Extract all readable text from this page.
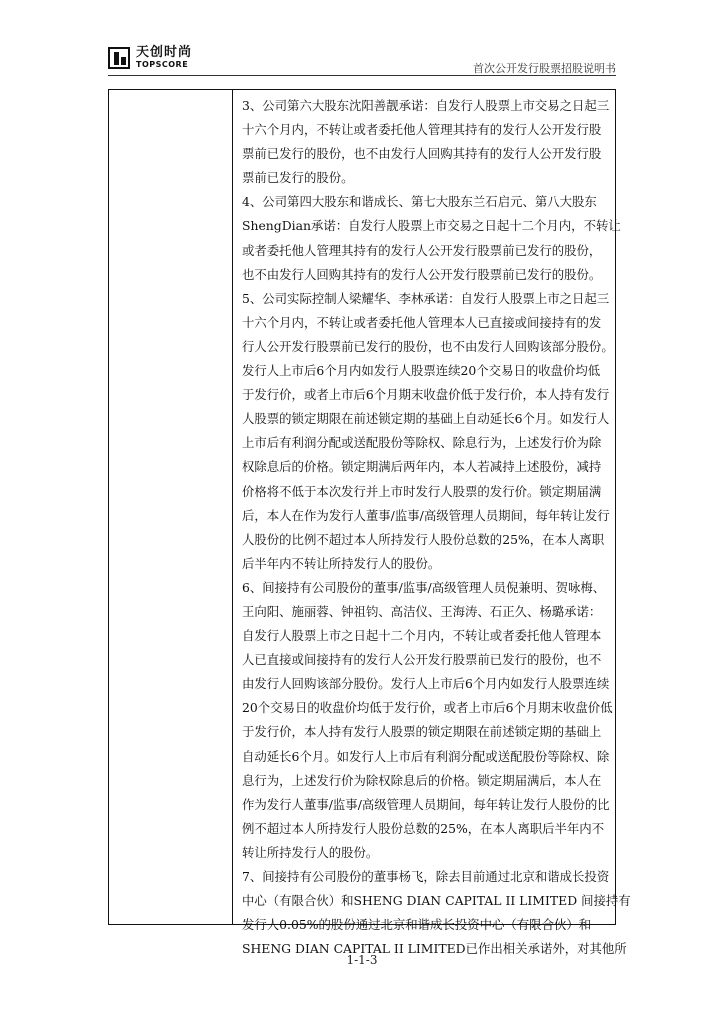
天创时尚
TOPSCORE	首次公开发行股票招股说明书
3、公司第六大股东沈阳善靓承诺：自发行人股票上市交易之日起三
十六个月内，不转让或者委托他人管理其持有的发行人公开发行股
票前已发行的股份，也不由发行人回购其持有的发行人公开发行股
票前已发行的股份。
4、公司第四大股东和谐成长、第七大股东兰石启元、第八大股东
ShengDian承诺：自发行人股票上市交易之日起十二个月内，不转让
或者委托他人管理其持有的发行人公开发行股票前已发行的股份，
也不由发行人回购其持有的发行人公开发行股票前已发行的股份。
5、公司实际控制人梁耀华、李林承诺：自发行人股票上市之日起三
十六个月内，不转让或者委托他人管理本人已直接或间接持有的发
行人公开发行股票前已发行的股份，也不由发行人回购该部分股份。
发行人上市后6个月内如发行人股票连续20个交易日的收盘价均低
于发行价，或者上市后6个月期末收盘价低于发行价，本人持有发行
人股票的锁定期限在前述锁定期的基础上自动延长6个月。如发行人
上市后有利润分配或送配股份等除权、除息行为，上述发行价为除
权除息后的价格。锁定期满后两年内，本人若减持上述股份，减持
价格将不低于本次发行并上市时发行人股票的发行价。锁定期届满
后，本人在作为发行人董事/监事/高级管理人员期间，每年转让发行
人股份的比例不超过本人所持发行人股份总数的25%，在本人离职
后半年内不转让所持发行人的股份。
6、间接持有公司股份的董事/监事/高级管理人员倪兼明、贺咏梅、
王向阳、施丽蓉、钟祖钧、高洁仪、王海涛、石正久、杨璐承诺：
自发行人股票上市之日起十二个月内，不转让或者委托他人管理本
人已直接或间接持有的发行人公开发行股票前已发行的股份，也不
由发行人回购该部分股份。发行人上市后6个月内如发行人股票连续
20个交易日的收盘价均低于发行价，或者上市后6个月期末收盘价低
于发行价，本人持有发行人股票的锁定期限在前述锁定期的基础上
自动延长6个月。如发行人上市后有利润分配或送配股份等除权、除
息行为，上述发行价为除权除息后的价格。锁定期届满后，本人在
作为发行人董事/监事/高级管理人员期间，每年转让发行人股份的比
例不超过本人所持发行人股份总数的25%，在本人离职后半年内不
转让所持发行人的股份。
7、间接持有公司股份的董事杨飞，除去目前通过北京和谐成长投资
中心（有限合伙）和SHENG DIAN CAPITAL II LIMITED 间接持有
发行人0.05%的股份通过北京和谐成长投资中心（有限合伙）和
SHENG DIAN CAPITAL II LIMITED已作出相关承诺外，对其他所
1-1-3
